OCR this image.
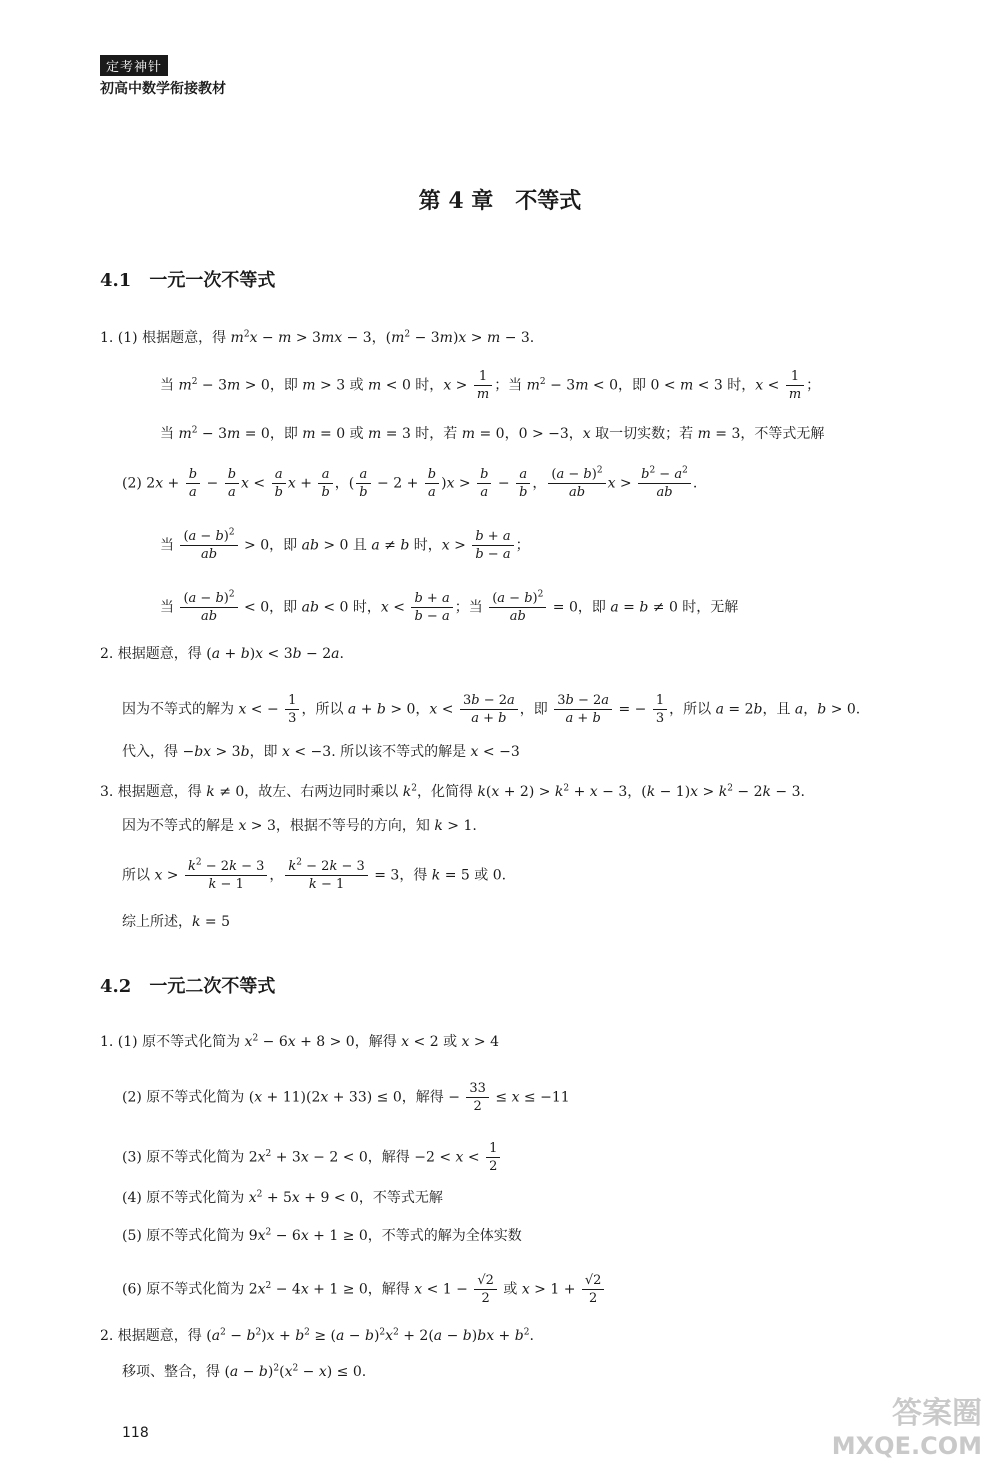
定考神针
初高中数学衔接教材
第 4 章　不等式
4.1　一元一次不等式
1. (1) 根据题意，得 $m^2x - m > 3mx - 3$，$(m^2 - 3m)x > m - 3$.
当 $m^2 - 3m > 0$，即 m > 3 或 m < 0 时，$x > \frac{1}{m}$ ；当 $m^2 - 3m < 0$，即 0 < m < 3 时，$x < \frac{1}{m}$ ；
当 $m^2 - 3m = 0$，即 m = 0 或 m = 3 时，若 m = 0，0 > −3，x 取一切实数；若 m = 3，不等式无解
(2) $2x + \frac{b}{a} - \frac{b}{a}$ $x < \frac{a}{b}$ $x + \frac{a}{b}$ ，( $\frac{a}{b} - 2 + \frac{b}{a} )x > \frac{b}{a} - \frac{a}{b}$ ， $\frac{(a - b)^2}{ab}$ $x > \frac{b^2 - a^2}{ab}$ .
当 $\frac{(a - b)^2}{ab} > 0$，即 ab > 0 且 a ≠ b 时，$x > \frac{b + a}{b - a}$ ；
当 $\frac{(a - b)^2}{ab} < 0$，即 ab < 0 时，$x < \frac{b + a}{b - a}$ ；当 $\frac{(a - b)^2}{ab} = 0$，即 a = b ≠ 0 时，无解
2. 根据题意，得 (a + b)x < 3b − 2a.
因为不等式的解为 x < − $\frac{1}{3}$ ，所以 a + b > 0，$x < \frac{3b - 2a}{a + b}$ ，即 $\frac{3b - 2a}{a + b}$ = − $\frac{1}{3}$ ，所以 a = 2b，且 a，b > 0.
代入，得 −bx > 3b，即 x < −3. 所以该不等式的解是 x < −3
3. 根据题意，得 k ≠ 0，故左、右两边同时乘以 $k^2$，化简得 $k(x + 2) > k^2 + x - 3$，$(k - 1)x > k^2 - 2k - 3$.
因为不等式的解是 x > 3，根据不等号的方向，知 k > 1.
所以 $x > \frac{k^2 - 2k - 3}{k - 1}$ ， $\frac{k^2 - 2k - 3}{k - 1} = 3$，得 k = 5 或 0.
综上所述，k = 5
4.2　一元二次不等式
1. (1) 原不等式化简为 $x^2 - 6x + 8 > 0$，解得 x < 2 或 x > 4
(2) 原不等式化简为 (x + 11)(2x + 33) ≤ 0，解得 − $\frac{33}{2} \le x \le -11$
(3) 原不等式化简为 $2x^2 + 3x - 2 < 0$，解得 $-2 < x < \frac{1}{2}$
(4) 原不等式化简为 $x^2 + 5x + 9 < 0$，不等式无解
(5) 原不等式化简为 $9x^2 - 6x + 1 \ge 0$，不等式的解为全体实数
(6) 原不等式化简为 $2x^2 - 4x + 1 \ge 0$，解得 $x < 1 - \frac{√2}{2}$ 或 $x > 1 + \frac{√2}{2}$
2. 根据题意，得 $(a^2 - b^2)x + b^2 \ge (a - b)^2x^2 + 2(a - b)bx + b^2$.
移项、整合，得 $(a - b)^2(x^2 - x) \le 0$.
118
答案圈
MXQE.COM
